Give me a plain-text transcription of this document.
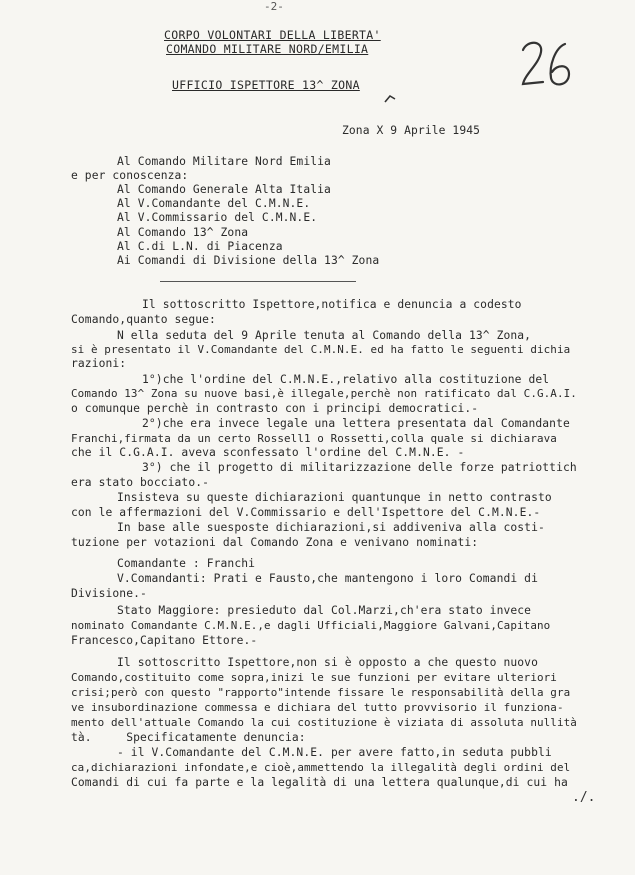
-2-
CORPO VOLONTARI DELLA LIBERTA'
COMANDO MILITARE NORD/EMILIA
UFFICIO ISPETTORE 13^ ZONA
Zona X 9 Aprile 1945
Al Comando Militare Nord Emilia
e per conoscenza:
Al Comando Generale Alta Italia
Al V.Comandante del C.M.N.E.
Al V.Commissario del C.M.N.E.
Al Comando 13^ Zona
Al C.di L.N. di Piacenza
Ai Comandi di Divisione della 13^ Zona
Il sottoscritto Ispettore,notifica e denuncia a codesto
Comando,quanto segue:
N ella seduta del 9 Aprile tenuta al Comando della 13^ Zona,
si è presentato il V.Comandante del C.M.N.E. ed ha fatto le seguenti dichia
razioni:
1°)che l'ordine del C.M.N.E.,relativo alla costituzione del
Comando 13^ Zona su nuove basi,è illegale,perchè non ratificato dal C.G.A.I.
o comunque perchè in contrasto con i principi democratici.-
2°)che era invece legale una lettera presentata dal Comandante
Franchi,firmata da un certo Rossell1 o Rossetti,colla quale si dichiarava
che il C.G.A.I. aveva sconfessato l'ordine del C.M.N.E. -
3°) che il progetto di militarizzazione delle forze patriottich
era stato bocciato.-
Insisteva su queste dichiarazioni quantunque in netto contrasto
con le affermazioni del V.Commissario e dell'Ispettore del C.M.N.E.-
In base alle suesposte dichiarazioni,si addiveniva alla costi-
tuzione per votazioni dal Comando Zona e venivano nominati:
Comandante : Franchi
V.Comandanti: Prati e Fausto,che mantengono i loro Comandi di
Divisione.-
Stato Maggiore: presieduto dal Col.Marzi,ch'era stato invece
nominato Comandante C.M.N.E.,e dagli Ufficiali,Maggiore Galvani,Capitano
Francesco,Capitano Ettore.-
Il sottoscritto Ispettore,non si è opposto a che questo nuovo
Comando,costituito come sopra,inizi le sue funzioni per evitare ulteriori
crisi;però con questo "rapporto"intende fissare le responsabilità della gra
ve insubordinazione commessa e dichiara del tutto provvisorio il funziona-
mento dell'attuale Comando la cui costituzione è viziata di assoluta nullità
tà.     Specificatamente denuncia:
- il V.Comandante del C.M.N.E. per avere fatto,in seduta pubbli
ca,dichiarazioni infondate,e cioè,ammettendo la illegalità degli ordini del
Comandi di cui fa parte e la legalità di una lettera qualunque,di cui ha
./.
